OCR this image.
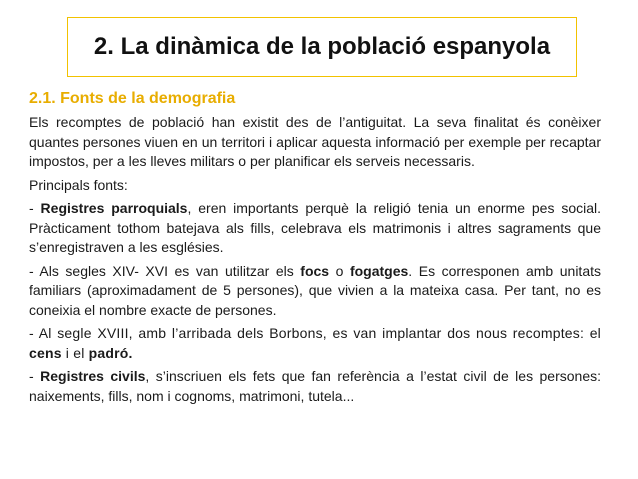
2. La dinàmica de la població espanyola
2.1. Fonts de la demografia

Els recomptes de població han existit des de l’antiguitat. La seva finalitat és conèixer quantes persones viuen en un territori i aplicar aquesta informació per exemple per recaptar impostos, per a les lleves militars o per planificar els serveis necessaris.

Principals fonts:

- Registres parroquials, eren importants perquè la religió tenia un enorme pes social. Pràcticament tothom batejava als fills, celebrava els matrimonis i altres sagraments que s’enregistraven a les esglésies.

- Als segles XIV- XVI es van utilitzar els focs o fogatges. Es corresponen amb unitats familiars (aproximadament de 5 persones), que vivien a la mateixa casa. Per tant, no es coneixia el nombre exacte de persones.

- Al segle XVIII, amb l’arribada dels Borbons, es van implantar dos nous recomptes: el cens i el padró.

- Registres civils, s’inscriuen els fets que fan referència a l’estat civil de les persones: naixements, fills, nom i cognoms, matrimoni, tutela...
